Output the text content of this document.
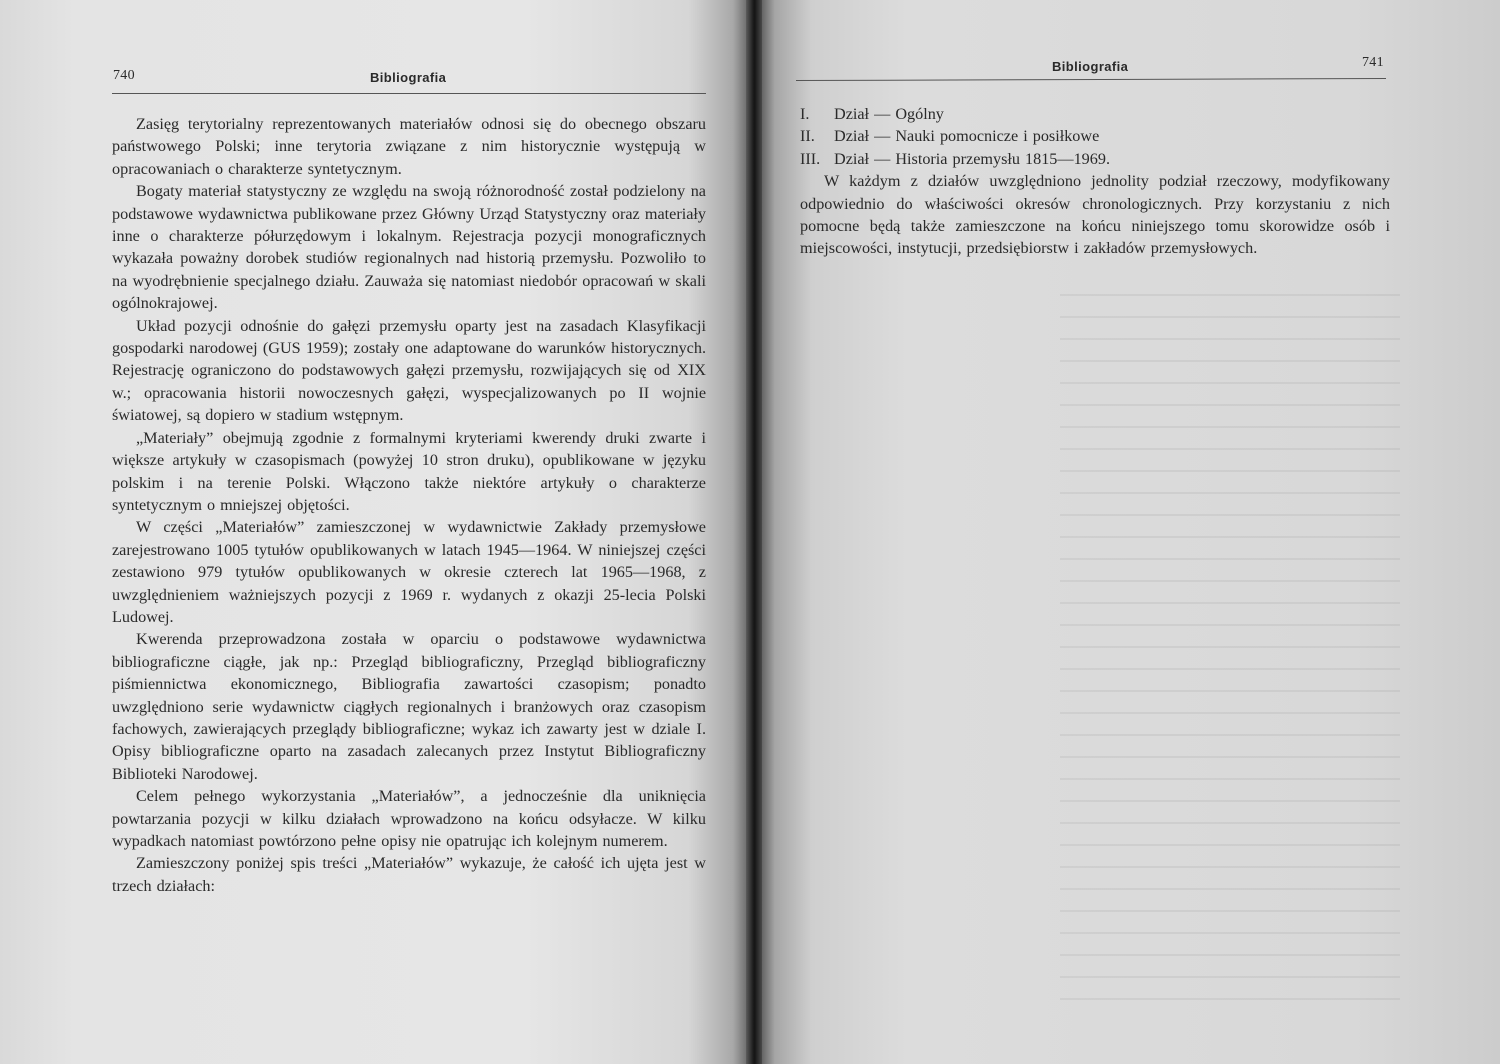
740	Bibliografia

Zasięg terytorialny reprezentowanych materiałów odnosi się do obecnego obszaru państwowego Polski; inne terytoria związane z nim historycznie występują w opracowaniach o charakterze syntetycznym.

Bogaty materiał statystyczny ze względu na swoją różnorodność został podzielony na podstawowe wydawnictwa publikowane przez Główny Urząd Statystyczny oraz materiały inne o charakterze półurzędowym i lokalnym. Rejestracja pozycji monograficznych wykazała poważny dorobek studiów regionalnych nad historią przemysłu. Pozwoliło to na wyodrębnienie specjalnego działu. Zauważa się natomiast niedobór opracowań w skali ogólnokrajowej.

Układ pozycji odnośnie do gałęzi przemysłu oparty jest na zasadach Klasyfikacji gospodarki narodowej (GUS 1959); zostały one adaptowane do warunków historycznych. Rejestrację ograniczono do podstawowych gałęzi przemysłu, rozwijających się od XIX w.; opracowania historii nowoczesnych gałęzi, wyspecjalizowanych po II wojnie światowej, są dopiero w stadium wstępnym.

„Materiały” obejmują zgodnie z formalnymi kryteriami kwerendy druki zwarte i większe artykuły w czasopismach (powyżej 10 stron druku), opublikowane w języku polskim i na terenie Polski. Włączono także niektóre artykuły o charakterze syntetycznym o mniejszej objętości.

W części „Materiałów” zamieszczonej w wydawnictwie Zakłady przemysłowe zarejestrowano 1005 tytułów opublikowanych w latach 1945—1964. W niniejszej części zestawiono 979 tytułów opublikowanych w okresie czterech lat 1965—1968, z uwzględnieniem ważniejszych pozycji z 1969 r. wydanych z okazji 25-lecia Polski Ludowej.

Kwerenda przeprowadzona została w oparciu o podstawowe wydawnictwa bibliograficzne ciągłe, jak np.: Przegląd bibliograficzny, Przegląd bibliograficzny piśmiennictwa ekonomicznego, Bibliografia zawartości czasopism; ponadto uwzględniono serie wydawnictw ciągłych regionalnych i branżowych oraz czasopism fachowych, zawierających przeglądy bibliograficzne; wykaz ich zawarty jest w dziale I. Opisy bibliograficzne oparto na zasadach zalecanych przez Instytut Bibliograficzny Biblioteki Narodowej.

Celem pełnego wykorzystania „Materiałów”, a jednocześnie dla uniknięcia powtarzania pozycji w kilku działach wprowadzono na końcu odsyłacze. W kilku wypadkach natomiast powtórzono pełne opisy nie opatrując ich kolejnym numerem.

Zamieszczony poniżej spis treści „Materiałów” wykazuje, że całość ich ujęta jest w trzech działach:

Bibliografia	741
I. Dział — Ogólny
II. Dział — Nauki pomocnicze i posiłkowe
III. Dział — Historia przemysłu 1815—1969.

W każdym z działów uwzględniono jednolity podział rzeczowy, modyfikowany odpowiednio do właściwości okresów chronologicznych. Przy korzystaniu z nich pomocne będą także zamieszczone na końcu niniejszego tomu skorowidze osób i miejscowości, instytucji, przedsiębiorstw i zakładów przemysłowych.
